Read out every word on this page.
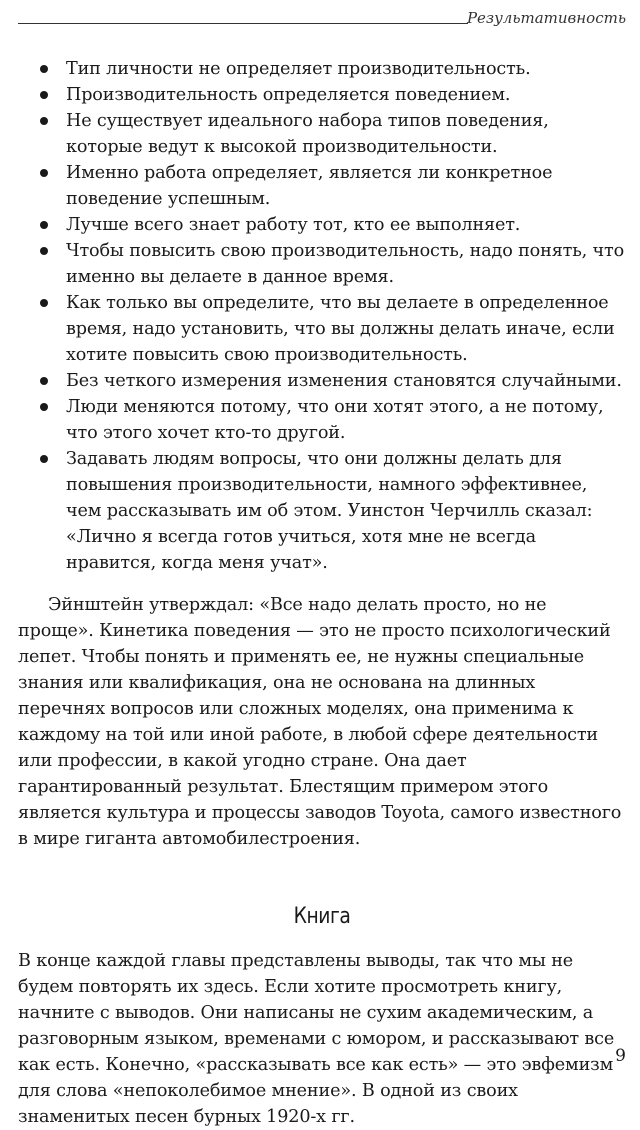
Результативность
Тип личности не определяет производительность.
Производительность определяется поведением.
Не существует идеального набора типов поведения, которые ведут к высокой производительности.
Именно работа определяет, является ли конкретное поведение успешным.
Лучше всего знает работу тот, кто ее выполняет.
Чтобы повысить свою производительность, надо понять, что именно вы делаете в данное время.
Как только вы определите, что вы делаете в определенное время, надо установить, что вы должны делать иначе, если хотите повысить свою производительность.
Без четкого измерения изменения становятся случайными.
Люди меняются потому, что они хотят этого, а не потому, что этого хочет кто-то другой.
Задавать людям вопросы, что они должны делать для повышения производительности, намного эффективнее, чем рассказывать им об этом. Уинстон Черчилль сказал: «Лично я всегда готов учиться, хотя мне не всегда нравится, когда меня учат».

Эйнштейн утверждал: «Все надо делать просто, но не проще». Кинетика поведения — это не просто психологический лепет. Чтобы понять и применять ее, не нужны специальные знания или квалификация, она не основана на длинных перечнях вопросов или сложных моделях, она применима к каждому на той или иной работе, в любой сфере деятельности или профессии, в какой угодно стране. Она дает гарантированный результат. Блестящим примером этого является культура и процессы заводов Toyota, самого известного в мире гиганта автомобилестроения.

Книга

В конце каждой главы представлены выводы, так что мы не будем повторять их здесь. Если хотите просмотреть книгу, начните с выводов. Они написаны не сухим академическим, а разговорным языком, временами с юмором, и рассказывают все как есть. Конечно, «рассказывать все как есть» — это эвфемизм для слова «непоколебимое мнение». В одной из своих знаменитых песен бурных 1920-х гг.

9
